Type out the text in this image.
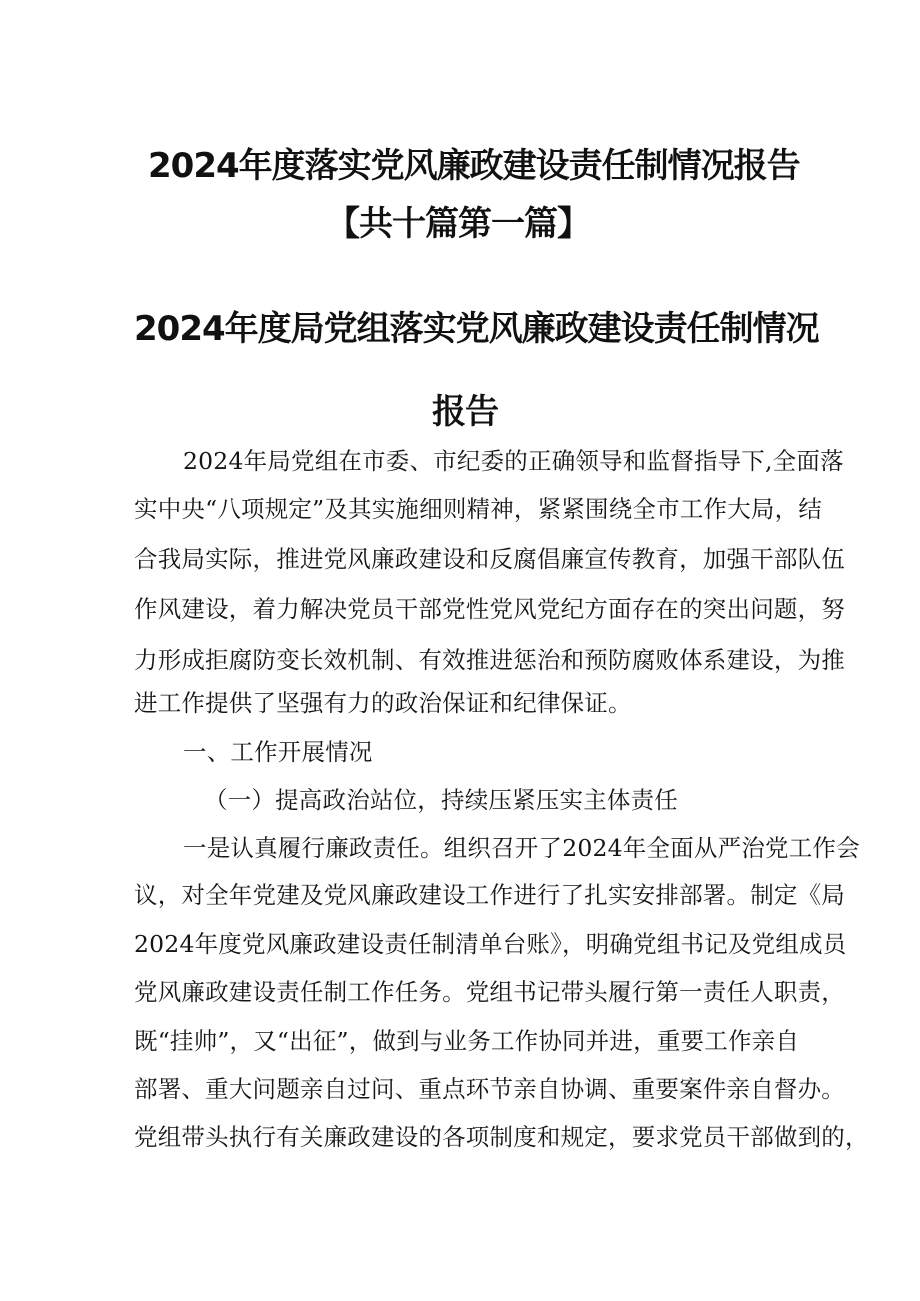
2024年度落实党风廉政建设责任制情况报告
【共十篇第一篇】
2024年度局党组落实党风廉政建设责任制情况
报告
2024年局党组在市委、市纪委的正确领导和监督指导下,全面落
实中央“八项规定”及其实施细则精神，紧紧围绕全市工作大局，结
合我局实际，推进党风廉政建设和反腐倡廉宣传教育，加强干部队伍
作风建设，着力解决党员干部党性党风党纪方面存在的突出问题，努
力形成拒腐防变长效机制、有效推进惩治和预防腐败体系建设，为推
进工作提供了坚强有力的政治保证和纪律保证。
一、工作开展情况
（一）提高政治站位，持续压紧压实主体责任
一是认真履行廉政责任。组织召开了2024年全面从严治党工作会
议，对全年党建及党风廉政建设工作进行了扎实安排部署。制定《局
2024年度党风廉政建设责任制清单台账》，明确党组书记及党组成员
党风廉政建设责任制工作任务。党组书记带头履行第一责任人职责，
既“挂帅”，又“出征”，做到与业务工作协同并进，重要工作亲自
部署、重大问题亲自过问、重点环节亲自协调、重要案件亲自督办。
党组带头执行有关廉政建设的各项制度和规定，要求党员干部做到的，
